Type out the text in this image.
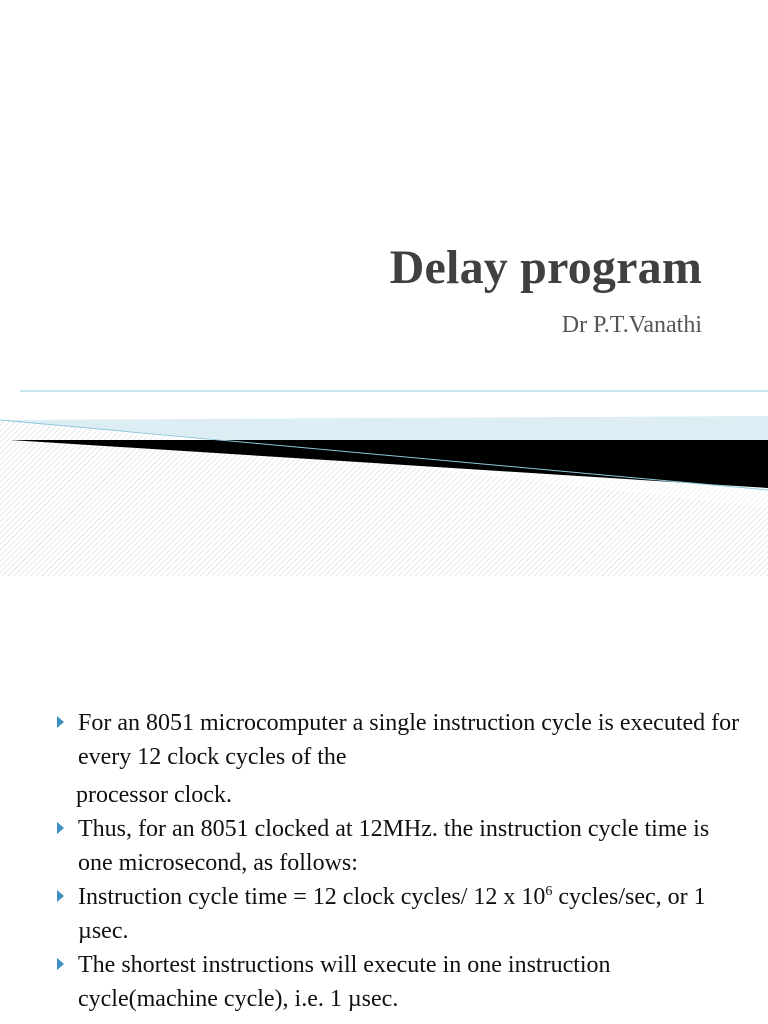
Delay program
Dr P.T.Vanathi
For an 8051 microcomputer a single instruction cycle is executed for every 12 clock cycles of the
processor clock.
Thus, for an 8051 clocked at 12MHz. the instruction cycle time is one microsecond, as follows:
Instruction cycle time = 12 clock cycles/ 12 x $10^6$ cycles/sec, or 1 µsec.
The shortest instructions will execute in one instruction cycle(machine cycle), i.e. 1 µsec.
